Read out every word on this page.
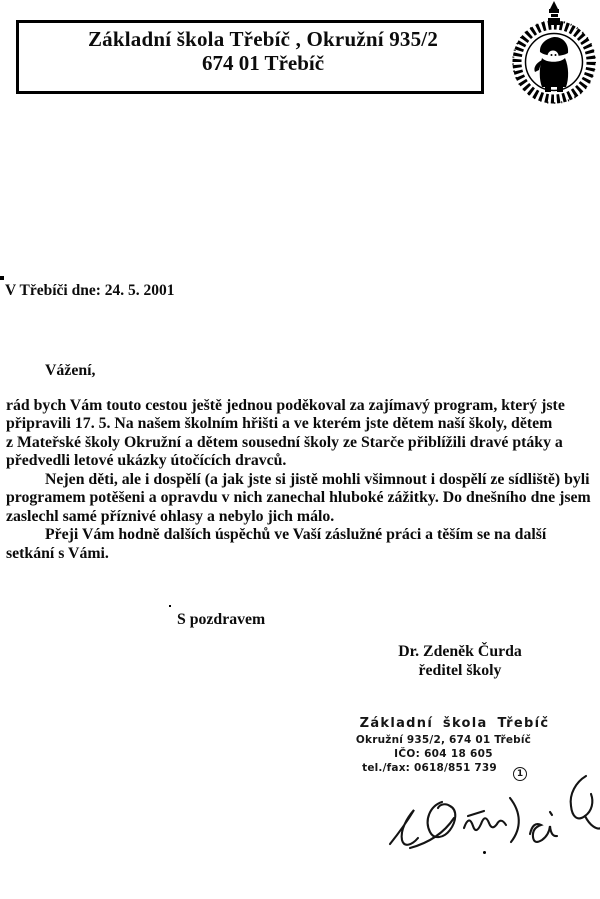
Základní škola Třebíč , Okružní 935/2
674 01 Třebíč
V Třebíči dne: 24. 5. 2001
Vážení,
rád bych Vám touto cestou ještě jednou poděkoval za zajímavý program, který jste
připravili 17. 5. Na našem školním hřišti a ve kterém jste dětem naší školy, dětem
z Mateřské školy Okružní a dětem sousední školy ze Starče přiblížili dravé ptáky a
předvedli letové ukázky útočících dravců.
Nejen děti, ale i dospělí (a jak jste si jistě mohli všimnout i dospělí ze sídliště) byli
programem potěšeni a opravdu v nich zanechal hluboké zážitky. Do dnešního dne jsem
zaslechl samé příznivé ohlasy a nebylo jich málo.
Přeji Vám hodně dalších úspěchů ve Vaší záslužné práci a těším se na další
setkání s Vámi.
S pozdravem
Dr. Zdeněk Čurda
ředitel školy
Základní škola Třebíč
Okružní 935/2, 674 01 Třebíč
IČO: 604 18 605
tel./fax: 0618/851 739	1
